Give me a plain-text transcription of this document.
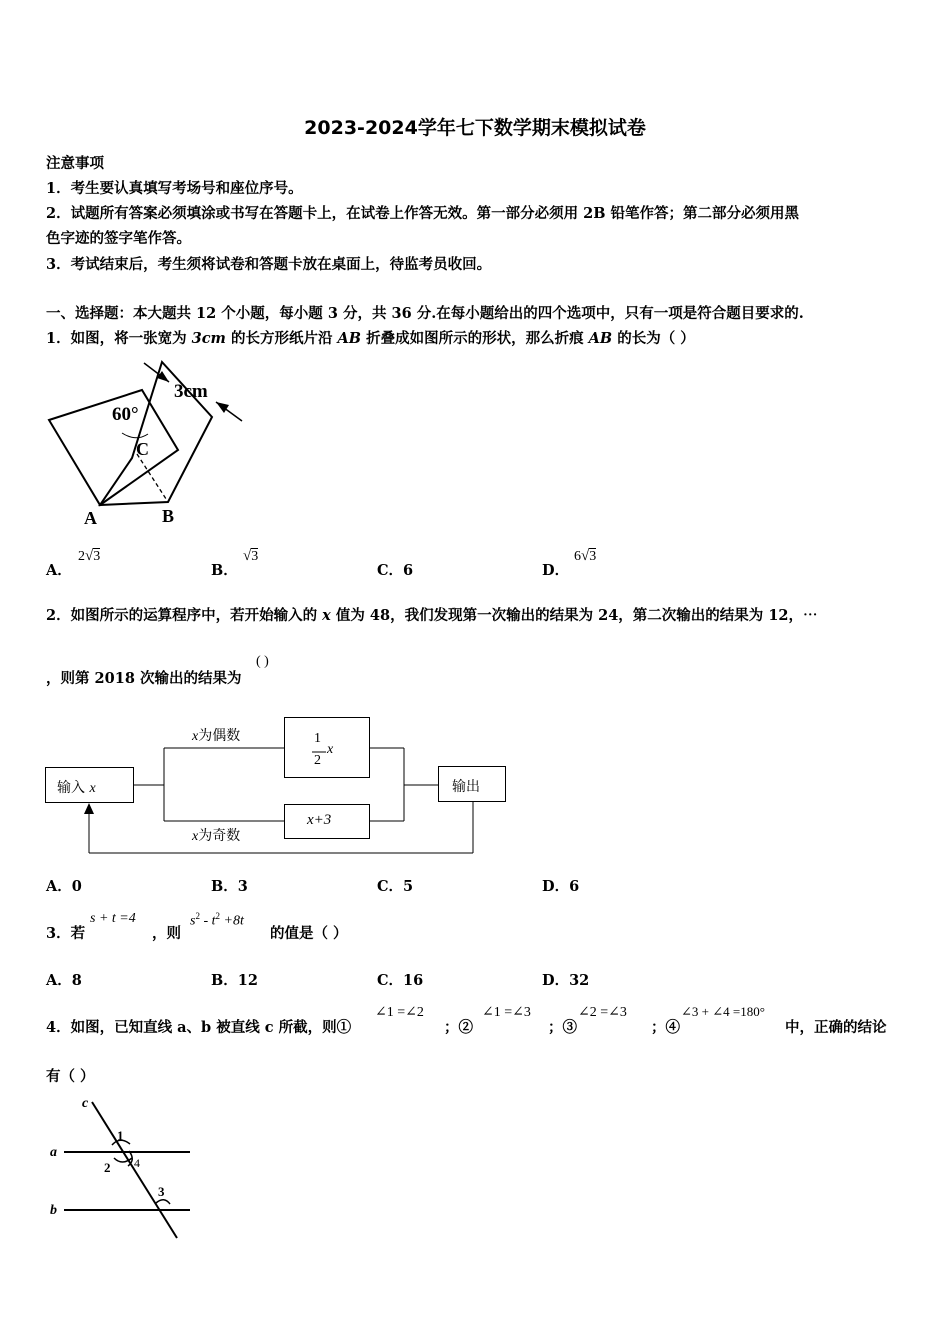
2023-2024学年七下数学期末模拟试卷
注意事项
1．考生要认真填写考场号和座位序号。
2．试题所有答案必须填涂或书写在答题卡上，在试卷上作答无效。第一部分必须用 2B 铅笔作答；第二部分必须用黑
色字迹的签字笔作答。
3．考试结束后，考生须将试卷和答题卡放在桌面上，待监考员收回。
一、选择题：本大题共 12 个小题，每小题 3 分，共 36 分.在每小题给出的四个选项中，只有一项是符合题目要求的.
1．如图，将一张宽为 3cm 的长方形纸片沿 AB 折叠成如图所示的形状，那么折痕 AB 的长为（ ）
3cm
60°
C
A	B
A．
2√3
B．
√3
C．6	D．
6√3
2．如图所示的运算程序中，若开始输入的 x 值为 48，我们发现第一次输出的结果为 24，第二次输出的结果为 12，⋯
，则第 2018 次输出的结果为
( )
输入 x
x为偶数
x为奇数
1
2
x
x+3
输出
A．0	B．3	C．5	D．6
3．若
s + t =4
，则
$s^2 - t^2 +8t$
的值是（ ）
A．8	B．12	C．16	D．32
4．如图，已知直线 a、b 被直线 c 所截，则①
∠1 =∠2
；②
∠1 =∠3
；③
∠2 =∠3
；④
∠3 + ∠4 =180°
中，正确的结论
有（ ）
c
a
b
1
2
3
4
